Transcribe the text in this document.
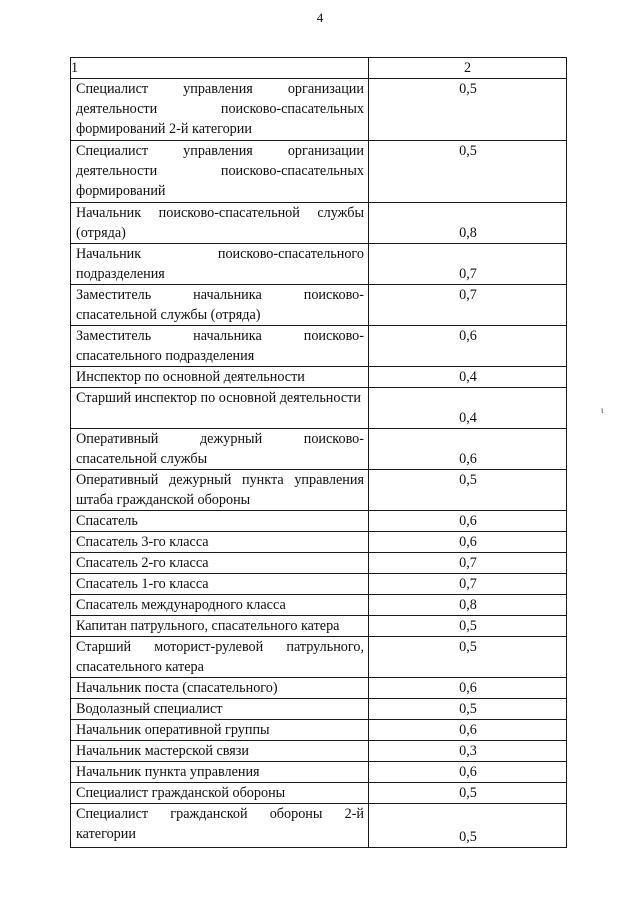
4
ι
1	2
Специалист управления организации деятельности поисково-спасательных формирований 2-й категории	0,5
Специалист управления организации деятельности поисково-спасательных формирований	0,5
Начальник поисково-спасательной службы (отряда)	0,8
Начальник поисково-спасательного подразделения	0,7
Заместитель начальника поисково-спасательной службы (отряда)	0,7
Заместитель начальника поисково-спасательного подразделения	0,6
Инспектор по основной деятельности	0,4
Старший инспектор по основной деятельности	0,4
Оперативный дежурный поисково-спасательной службы	0,6
Оперативный дежурный пункта управления штаба гражданской обороны	0,5
Спасатель	0,6
Спасатель 3-го класса	0,6
Спасатель 2-го класса	0,7
Спасатель 1-го класса	0,7
Спасатель международного класса	0,8
Капитан патрульного, спасательного катера	0,5
Старший моторист-рулевой патрульного, спасательного катера	0,5
Начальник поста (спасательного)	0,6
Водолазный специалист	0,5
Начальник оперативной группы	0,6
Начальник мастерской связи	0,3
Начальник пункта управления	0,6
Специалист гражданской обороны	0,5
Специалист гражданской обороны 2-й категории	0,5
